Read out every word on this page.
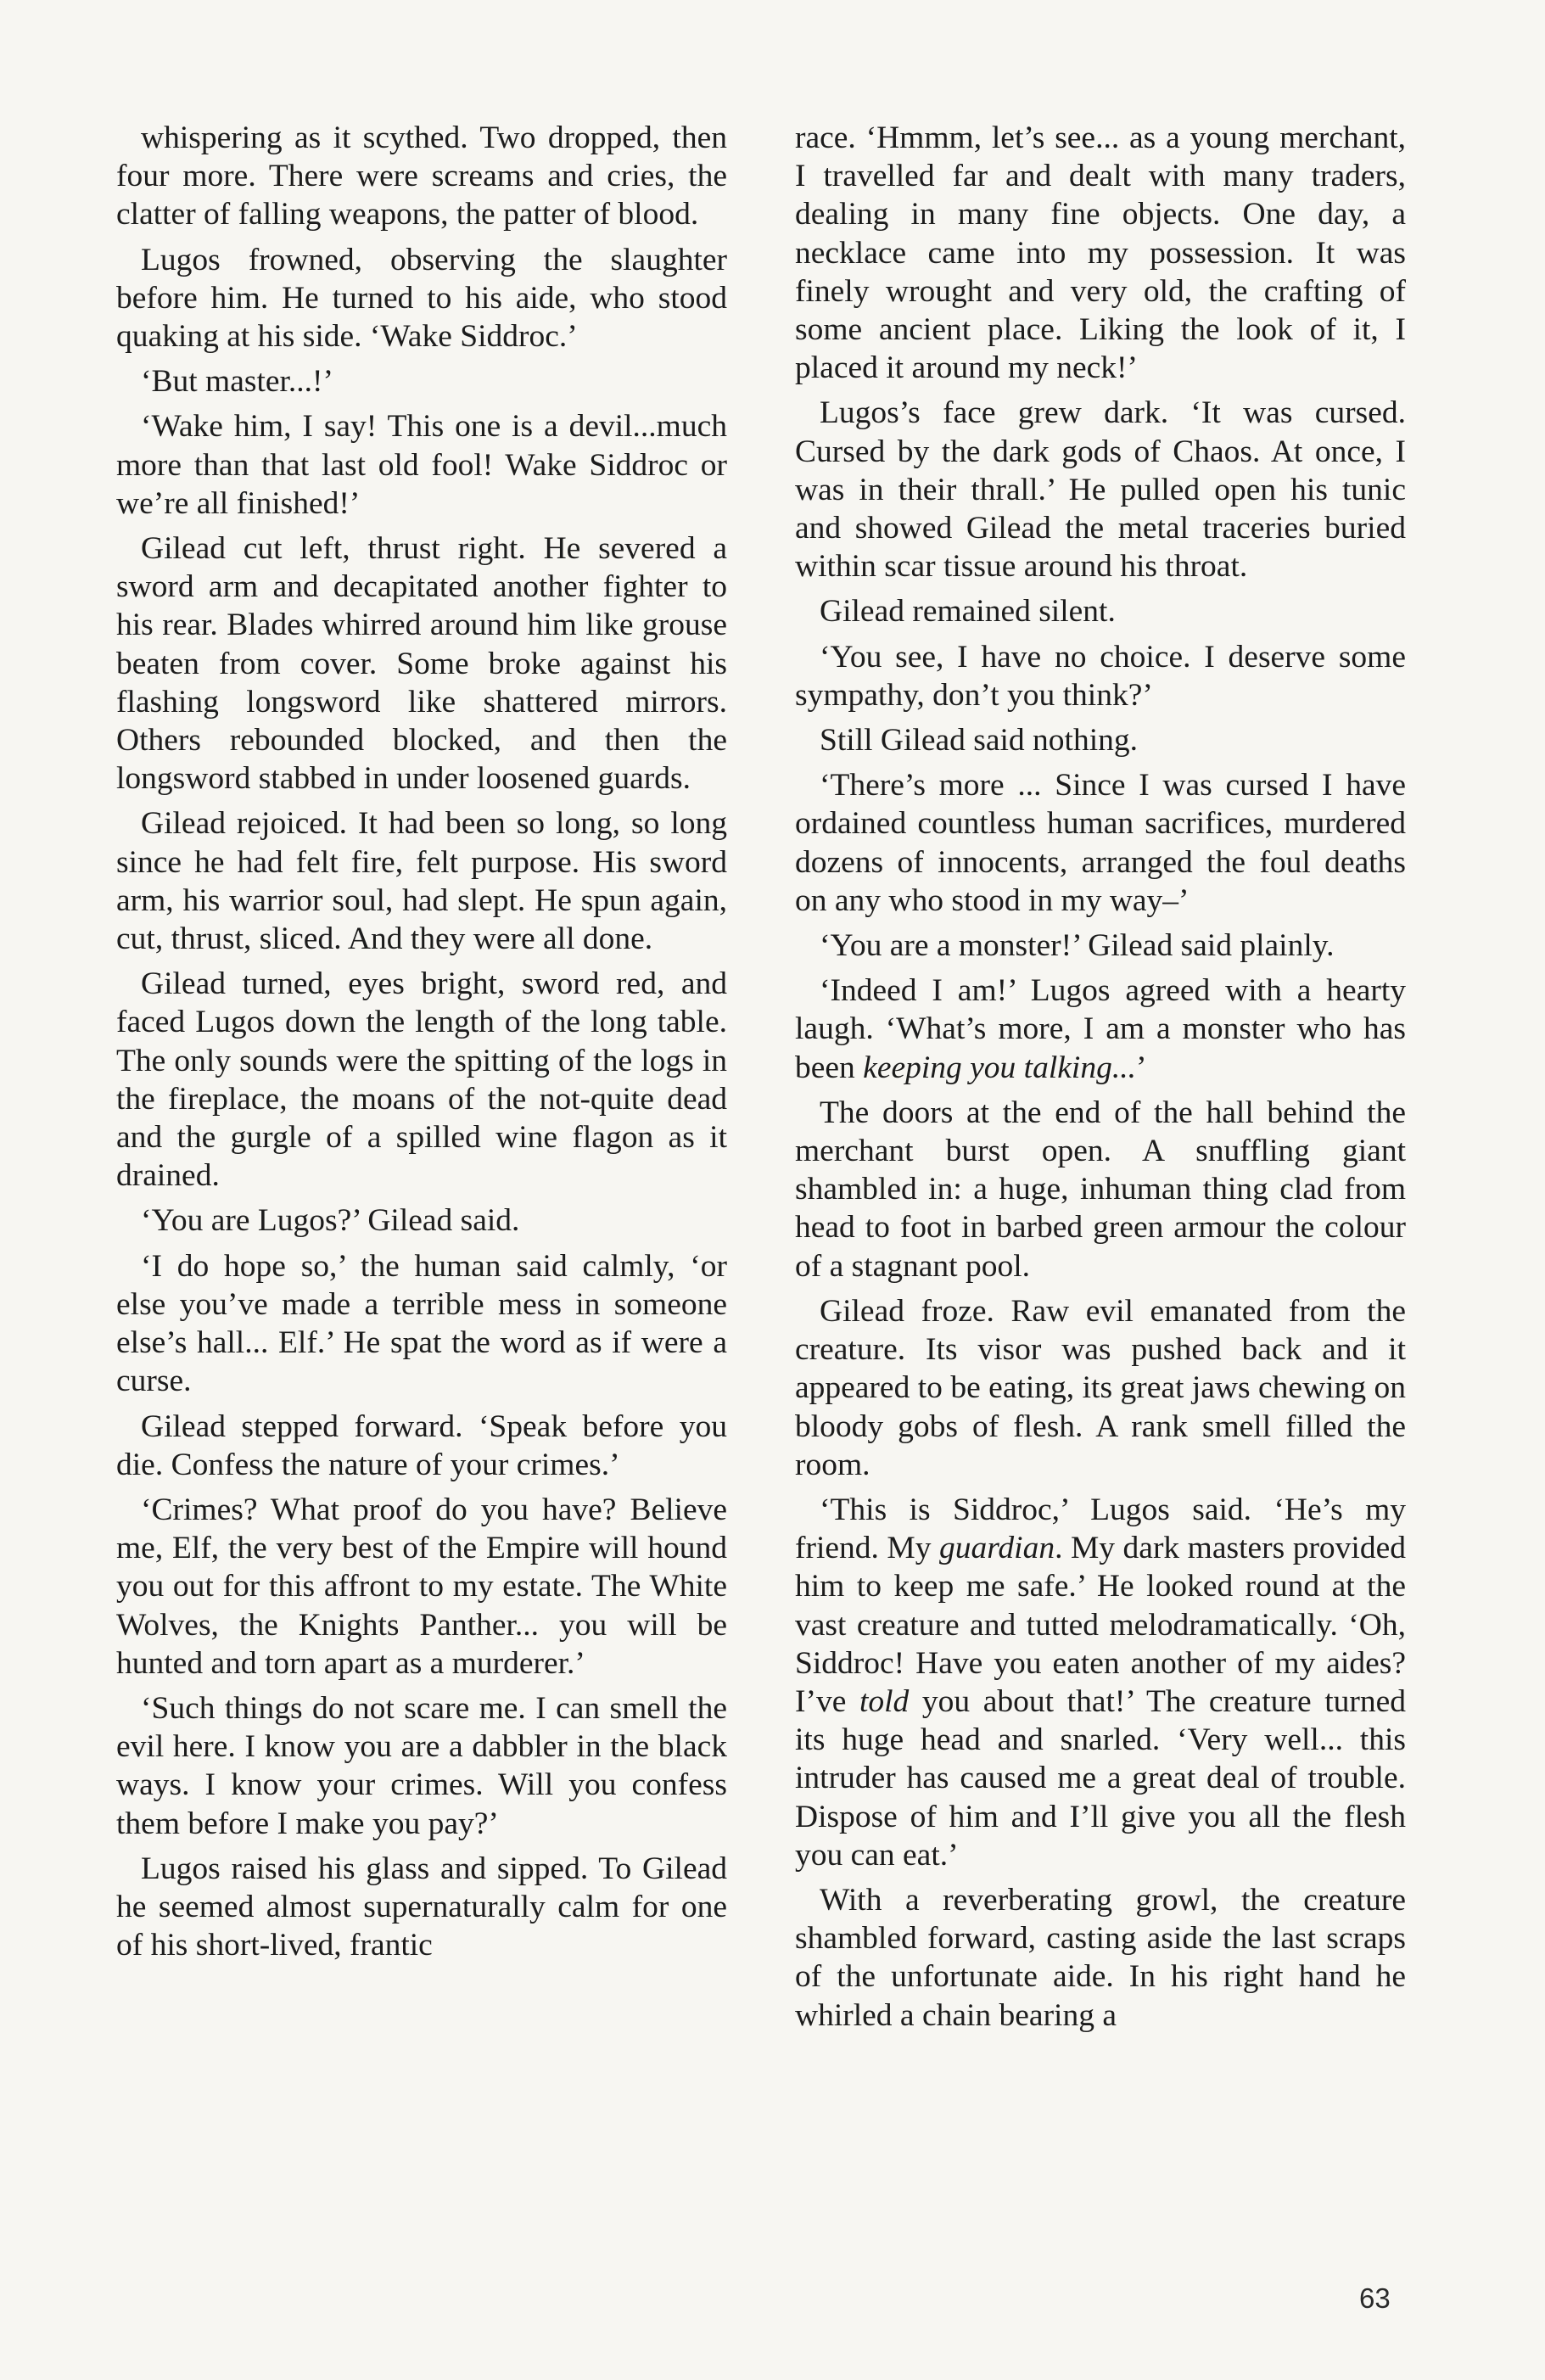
whispering as it scythed. Two dropped, then four more. There were screams and cries, the clatter of falling weapons, the patter of blood.

Lugos frowned, observing the slaughter before him. He turned to his aide, who stood quaking at his side. ‘Wake Siddroc.’

‘But master...!’

‘Wake him, I say! This one is a devil...much more than that last old fool! Wake Siddroc or we’re all finished!’

Gilead cut left, thrust right. He severed a sword arm and decapitated another fighter to his rear. Blades whirred around him like grouse beaten from cover. Some broke against his flashing longsword like shattered mirrors. Others rebounded blocked, and then the longsword stabbed in under loosened guards.

Gilead rejoiced. It had been so long, so long since he had felt fire, felt purpose. His sword arm, his warrior soul, had slept. He spun again, cut, thrust, sliced. And they were all done.

Gilead turned, eyes bright, sword red, and faced Lugos down the length of the long table. The only sounds were the spitting of the logs in the fireplace, the moans of the not-quite dead and the gurgle of a spilled wine flagon as it drained.

‘You are Lugos?’ Gilead said.

‘I do hope so,’ the human said calmly, ‘or else you’ve made a terrible mess in someone else’s hall... Elf.’ He spat the word as if were a curse.

Gilead stepped forward. ‘Speak before you die. Confess the nature of your crimes.’

‘Crimes? What proof do you have? Believe me, Elf, the very best of the Empire will hound you out for this affront to my estate. The White Wolves, the Knights Panther... you will be hunted and torn apart as a murderer.’

‘Such things do not scare me. I can smell the evil here. I know you are a dabbler in the black ways. I know your crimes. Will you confess them before I make you pay?’

Lugos raised his glass and sipped. To Gilead he seemed almost supernaturally calm for one of his short-lived, frantic

race. ‘Hmmm, let’s see... as a young merchant, I travelled far and dealt with many traders, dealing in many fine objects. One day, a necklace came into my possession. It was finely wrought and very old, the crafting of some ancient place. Liking the look of it, I placed it around my neck!’

Lugos’s face grew dark. ‘It was cursed. Cursed by the dark gods of Chaos. At once, I was in their thrall.’ He pulled open his tunic and showed Gilead the metal traceries buried within scar tissue around his throat.

Gilead remained silent.

‘You see, I have no choice. I deserve some sympathy, don’t you think?’

Still Gilead said nothing.

‘There’s more ... Since I was cursed I have ordained countless human sacrifices, murdered dozens of innocents, arranged the foul deaths on any who stood in my way–’

‘You are a monster!’ Gilead said plainly.

‘Indeed I am!’ Lugos agreed with a hearty laugh. ‘What’s more, I am a monster who has been keeping you talking...’

The doors at the end of the hall behind the merchant burst open. A snuffling giant shambled in: a huge, inhuman thing clad from head to foot in barbed green armour the colour of a stagnant pool.

Gilead froze. Raw evil emanated from the creature. Its visor was pushed back and it appeared to be eating, its great jaws chewing on bloody gobs of flesh. A rank smell filled the room.

‘This is Siddroc,’ Lugos said. ‘He’s my friend. My guardian. My dark masters provided him to keep me safe.’ He looked round at the vast creature and tutted melodramatically. ‘Oh, Siddroc! Have you eaten another of my aides? I’ve told you about that!’ The creature turned its huge head and snarled. ‘Very well... this intruder has caused me a great deal of trouble. Dispose of him and I’ll give you all the flesh you can eat.’

With a reverberating growl, the creature shambled forward, casting aside the last scraps of the unfortunate aide. In his right hand he whirled a chain bearing a

63
